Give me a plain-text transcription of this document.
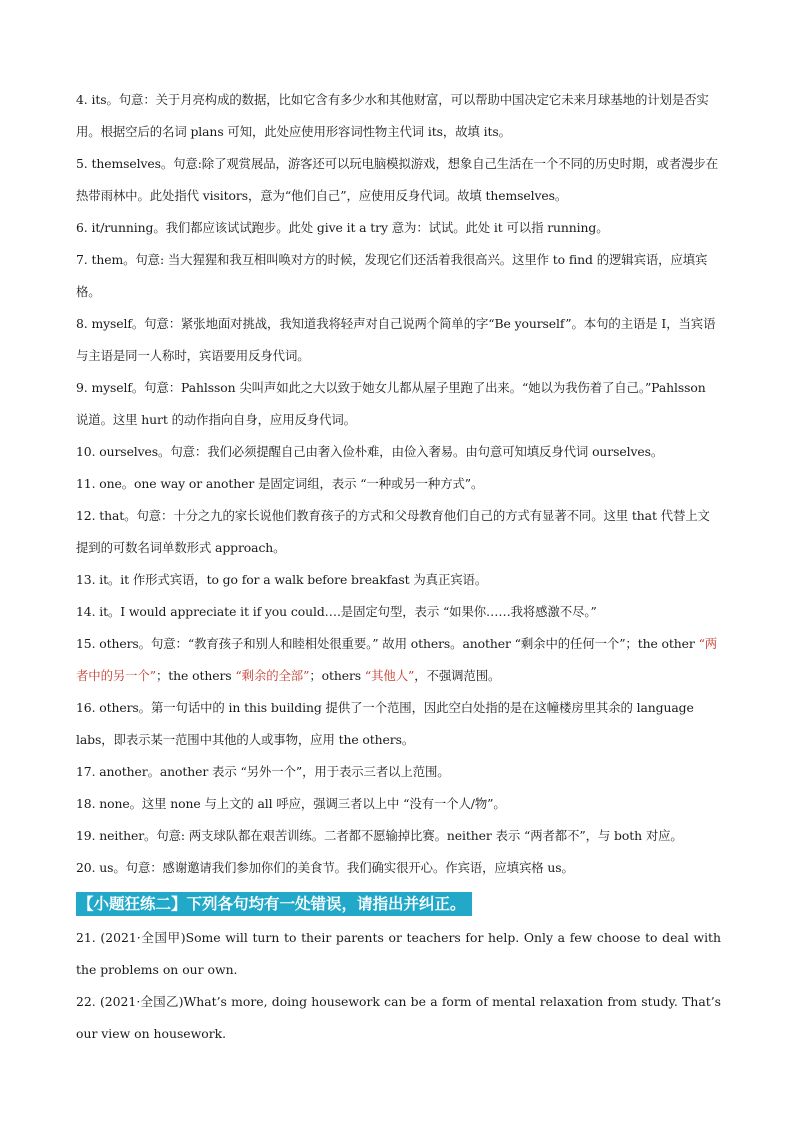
4. its。句意：关于月亮构成的数据，比如它含有多少水和其他财富，可以帮助中国决定它未来月球基地的计划是否实用。根据空后的名词 plans 可知，此处应使用形容词性物主代词 its，故填 its。

5. themselves。句意:除了观赏展品，游客还可以玩电脑模拟游戏，想象自己生活在一个不同的历史时期，或者漫步在热带雨林中。此处指代 visitors，意为“他们自己”，应使用反身代词。故填 themselves。

6. it/running。我们都应该试试跑步。此处 give it a try 意为：试试。此处 it 可以指 running。

7. them。句意: 当大猩猩和我互相叫唤对方的时候，发现它们还活着我很高兴。这里作 to find 的逻辑宾语，应填宾格。

8. myself。句意：紧张地面对挑战，我知道我将轻声对自己说两个简单的字“Be yourself”。本句的主语是 I，当宾语与主语是同一人称时，宾语要用反身代词。

9. myself。句意：Pahlsson 尖叫声如此之大以致于她女儿都从屋子里跑了出来。“她以为我伤着了自己。”Pahlsson 说道。这里 hurt 的动作指向自身，应用反身代词。

10. ourselves。句意：我们必须提醒自己由奢入俭朴难，由俭入奢易。由句意可知填反身代词 ourselves。

11. one。one way or another 是固定词组，表示 “一种或另一种方式”。

12. that。句意：十分之九的家长说他们教育孩子的方式和父母教育他们自己的方式有显著不同。这里 that 代替上文提到的可数名词单数形式 approach。

13. it。it 作形式宾语，to go for a walk before breakfast 为真正宾语。

14. it。I would appreciate it if you could….是固定句型，表示 “如果你……我将感激不尽。”

15. others。句意：“教育孩子和别人和睦相处很重要。” 故用 others。another “剩余中的任何一个”；the other “两者中的另一个”；the others “剩余的全部”；others “其他人”，不强调范围。

16. others。第一句话中的 in this building 提供了一个范围，因此空白处指的是在这幢楼房里其余的 language labs，即表示某一范围中其他的人或事物，应用 the others。

17. another。another 表示 “另外一个”，用于表示三者以上范围。

18. none。这里 none 与上文的 all 呼应，强调三者以上中 “没有一个人/物”。

19. neither。句意: 两支球队都在艰苦训练。二者都不愿输掉比赛。neither 表示 “两者都不”，与 both 对应。

20. us。句意：感谢邀请我们参加你们的美食节。我们确实很开心。作宾语，应填宾格 us。

【小题狂练二】下列各句均有一处错误，请指出并纠正。

21. (2021·全国甲)Some will turn to their parents or teachers for help. Only a few choose to deal with the problems on our own.

22. (2021·全国乙)What’s more, doing housework can be a form of mental relaxation from study. That’s our view on housework.
